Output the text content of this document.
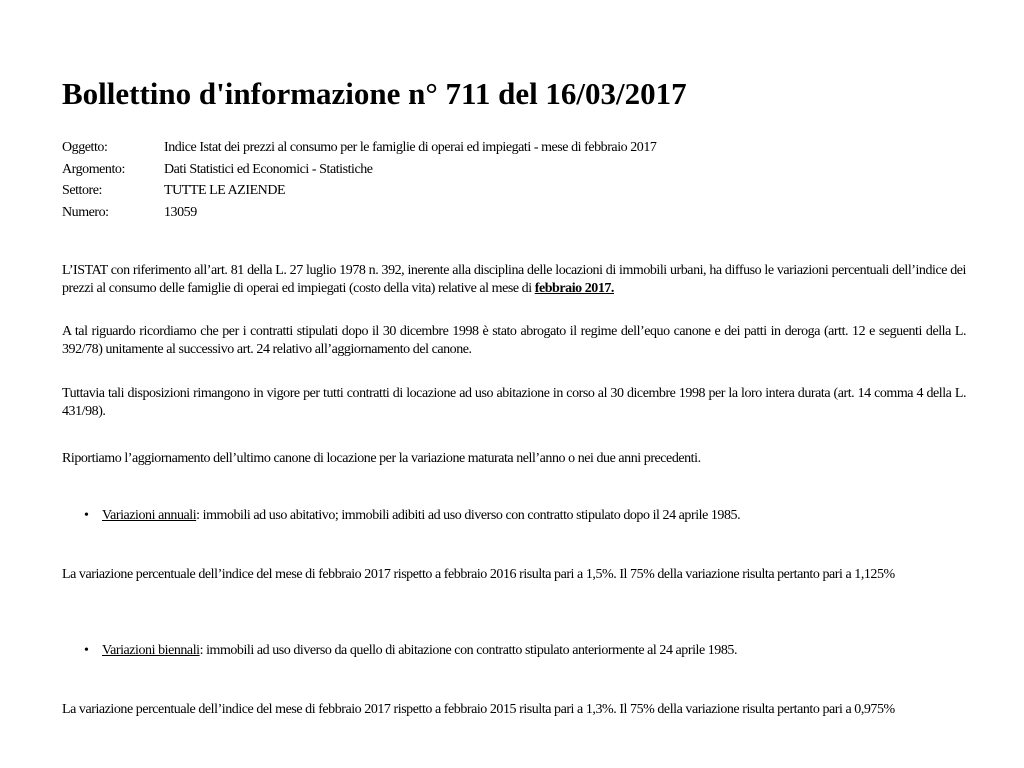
Bollettino d'informazione n° 711 del 16/03/2017
Oggetto:	Indice Istat dei prezzi al consumo per le famiglie di operai ed impiegati - mese di febbraio 2017
Argomento:	Dati Statistici ed Economici - Statistiche
Settore:	TUTTE LE AZIENDE
Numero:	13059

L’ISTAT con riferimento all’art. 81 della L. 27 luglio 1978 n. 392, inerente alla disciplina delle locazioni di immobili urbani, ha diffuso le variazioni percentuali dell’indice dei prezzi al consumo delle famiglie di operai ed impiegati (costo della vita) relative al mese di febbraio 2017.

A tal riguardo ricordiamo che per i contratti stipulati dopo il 30 dicembre 1998 è stato abrogato il regime dell’equo canone e dei patti in deroga (artt. 12 e seguenti della L. 392/78) unitamente al successivo art. 24 relativo all’aggiornamento del canone.

Tuttavia tali disposizioni rimangono in vigore per tutti contratti di locazione ad uso abitazione in corso al 30 dicembre 1998 per la loro intera durata (art. 14 comma 4 della L. 431/98).

Riportiamo l’aggiornamento dell’ultimo canone di locazione per la variazione maturata nell’anno o nei due anni precedenti.

• Variazioni annuali: immobili ad uso abitativo; immobili adibiti ad uso diverso con contratto stipulato dopo il 24 aprile 1985.

La variazione percentuale dell’indice del mese di febbraio 2017 rispetto a febbraio 2016 risulta pari a 1,5%. Il 75% della variazione risulta pertanto pari a 1,125%

• Variazioni biennali: immobili ad uso diverso da quello di abitazione con contratto stipulato anteriormente al 24 aprile 1985.

La variazione percentuale dell’indice del mese di febbraio 2017 rispetto a febbraio 2015 risulta pari a 1,3%. Il 75% della variazione risulta pertanto pari a 0,975%
